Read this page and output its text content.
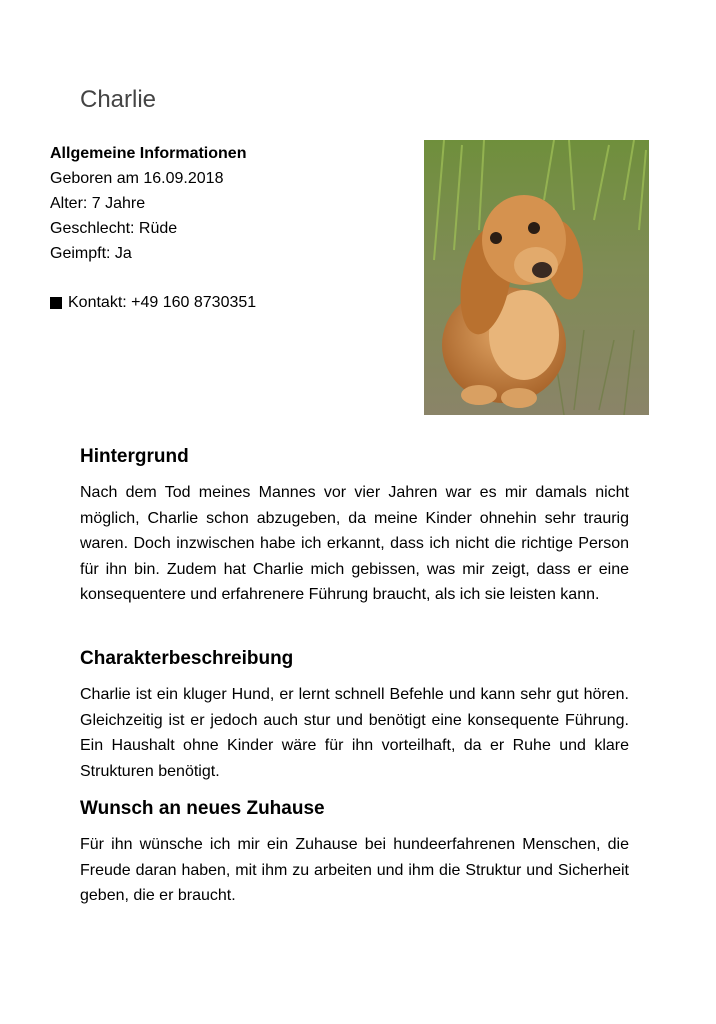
Charlie

Allgemeine Informationen

Geboren am 16.09.2018

Alter: 7 Jahre

Geschlecht: Rüde

Geimpft: Ja

Kontakt: +49 160 8730351
Hintergrund

Nach dem Tod meines Mannes vor vier Jahren war es mir damals nicht möglich, Charlie schon abzugeben, da meine Kinder ohnehin sehr traurig waren. Doch inzwischen habe ich erkannt, dass ich nicht die richtige Person für ihn bin. Zudem hat Charlie mich gebissen, was mir zeigt, dass er eine konsequentere und erfahrenere Führung braucht, als ich sie leisten kann.

Charakterbeschreibung

Charlie ist ein kluger Hund, er lernt schnell Befehle und kann sehr gut hören. Gleichzeitig ist er jedoch auch stur und benötigt eine konsequente Führung. Ein Haushalt ohne Kinder wäre für ihn vorteilhaft, da er Ruhe und klare Strukturen benötigt.

Wunsch an neues Zuhause

Für ihn wünsche ich mir ein Zuhause bei hundeerfahrenen Menschen, die Freude daran haben, mit ihm zu arbeiten und ihm die Struktur und Sicherheit geben, die er braucht.
